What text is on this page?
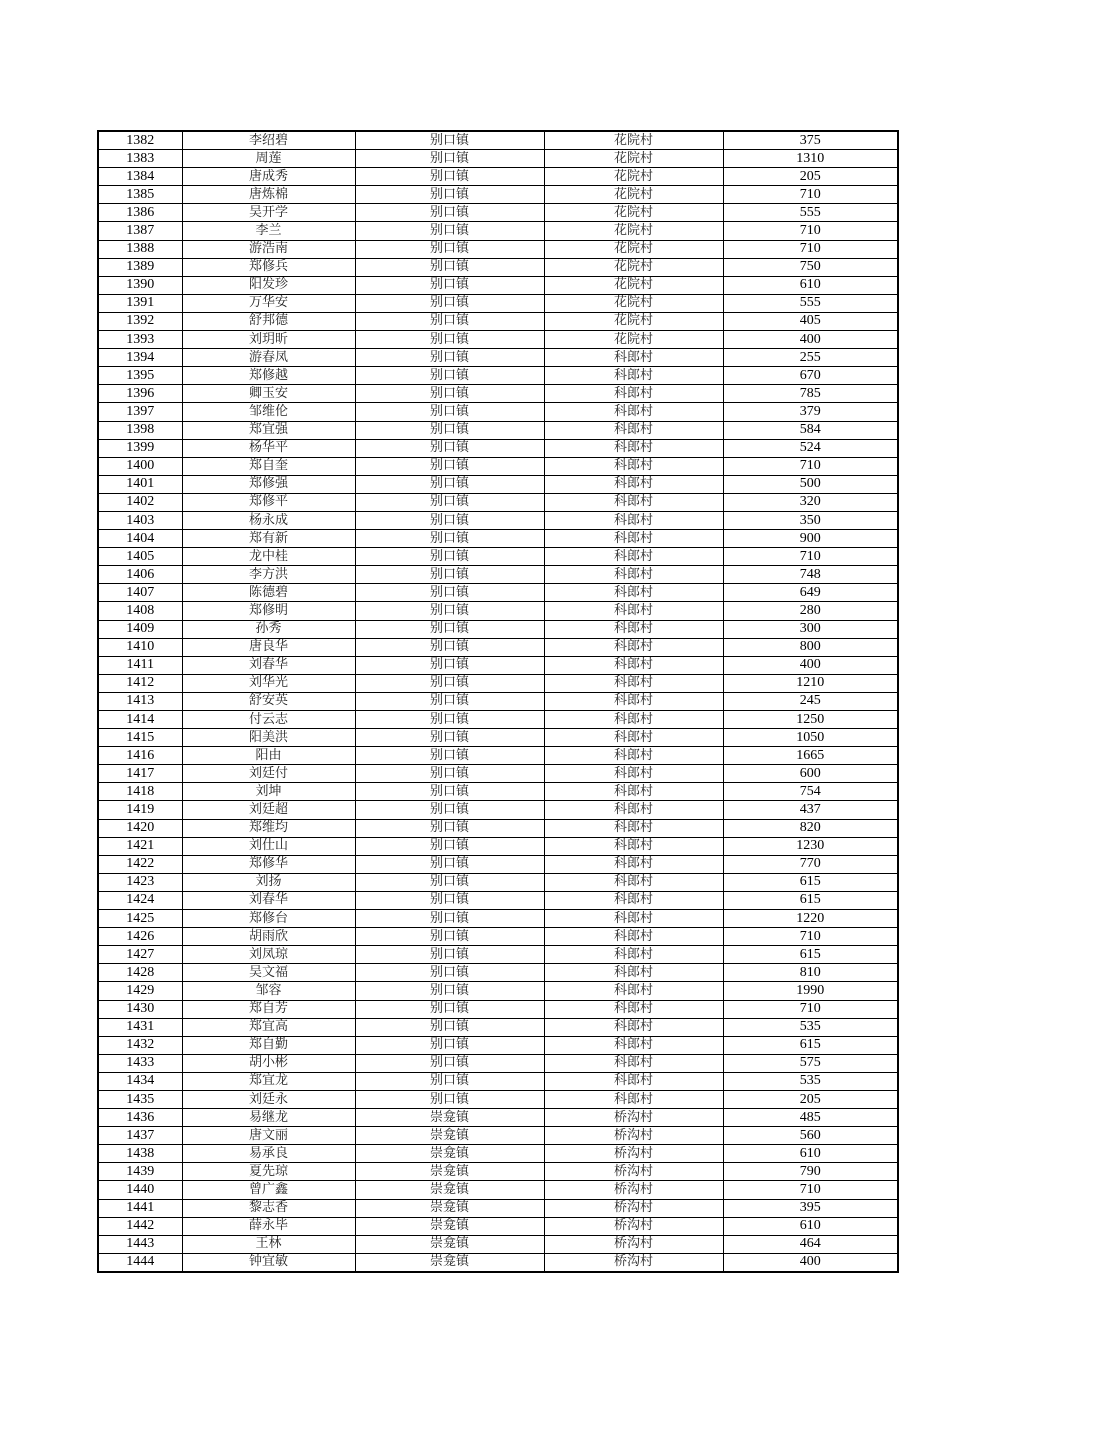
1382	李绍碧	别口镇	花院村	375
1383	周莲	别口镇	花院村	1310
1384	唐成秀	别口镇	花院村	205
1385	唐炼棉	别口镇	花院村	710
1386	吴开学	别口镇	花院村	555
1387	李兰	别口镇	花院村	710
1388	游浩南	别口镇	花院村	710
1389	郑修兵	别口镇	花院村	750
1390	阳发珍	别口镇	花院村	610
1391	万华安	别口镇	花院村	555
1392	舒邦德	别口镇	花院村	405
1393	刘玥昕	别口镇	花院村	400
1394	游春凤	别口镇	科郎村	255
1395	郑修越	别口镇	科郎村	670
1396	卿玉安	别口镇	科郎村	785
1397	邹维伦	别口镇	科郎村	379
1398	郑宜强	别口镇	科郎村	584
1399	杨华平	别口镇	科郎村	524
1400	郑自奎	别口镇	科郎村	710
1401	郑修强	别口镇	科郎村	500
1402	郑修平	别口镇	科郎村	320
1403	杨永成	别口镇	科郎村	350
1404	郑有新	别口镇	科郎村	900
1405	龙中桂	别口镇	科郎村	710
1406	李方洪	别口镇	科郎村	748
1407	陈德碧	别口镇	科郎村	649
1408	郑修明	别口镇	科郎村	280
1409	孙秀	别口镇	科郎村	300
1410	唐良华	别口镇	科郎村	800
1411	刘春华	别口镇	科郎村	400
1412	刘华光	别口镇	科郎村	1210
1413	舒安英	别口镇	科郎村	245
1414	付云志	别口镇	科郎村	1250
1415	阳美洪	别口镇	科郎村	1050
1416	阳由	别口镇	科郎村	1665
1417	刘廷付	别口镇	科郎村	600
1418	刘坤	别口镇	科郎村	754
1419	刘廷超	别口镇	科郎村	437
1420	郑维均	别口镇	科郎村	820
1421	刘仕山	别口镇	科郎村	1230
1422	郑修华	别口镇	科郎村	770
1423	刘扬	别口镇	科郎村	615
1424	刘春华	别口镇	科郎村	615
1425	郑修台	别口镇	科郎村	1220
1426	胡雨欣	别口镇	科郎村	710
1427	刘凤琼	别口镇	科郎村	615
1428	吴文福	别口镇	科郎村	810
1429	邹容	别口镇	科郎村	1990
1430	郑自芳	别口镇	科郎村	710
1431	郑宜高	别口镇	科郎村	535
1432	郑自勤	别口镇	科郎村	615
1433	胡小彬	别口镇	科郎村	575
1434	郑宜龙	别口镇	科郎村	535
1435	刘廷永	别口镇	科郎村	205
1436	易继龙	崇龛镇	桥沟村	485
1437	唐文丽	崇龛镇	桥沟村	560
1438	易承良	崇龛镇	桥沟村	610
1439	夏先琼	崇龛镇	桥沟村	790
1440	曾广鑫	崇龛镇	桥沟村	710
1441	黎志香	崇龛镇	桥沟村	395
1442	薛永毕	崇龛镇	桥沟村	610
1443	王林	崇龛镇	桥沟村	464
1444	钟宜敏	崇龛镇	桥沟村	400
